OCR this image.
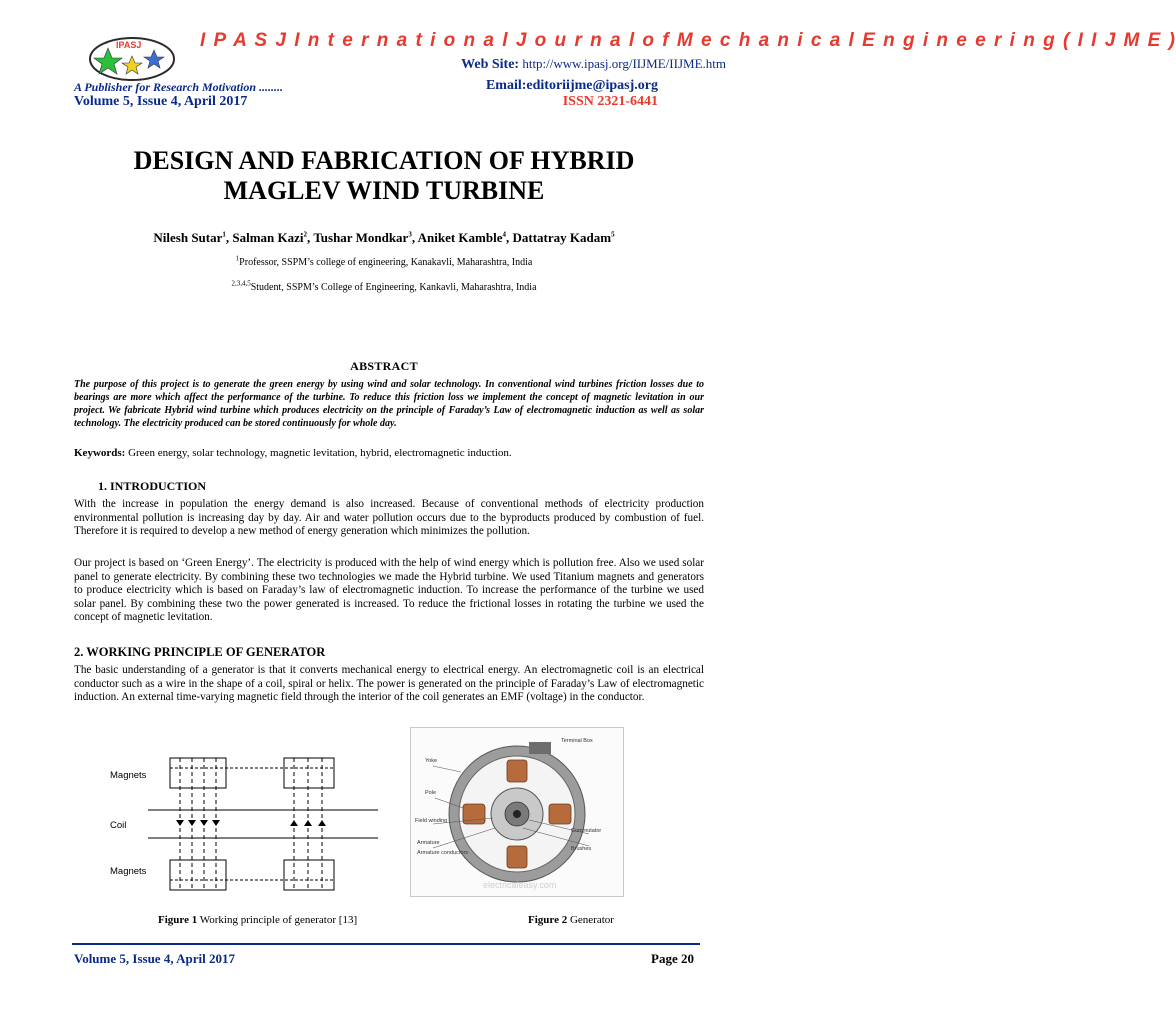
IPASJ	I P A S J I n t e r n a t i o n a l J o u r n a l o f M e c h a n i c a l E n g i n e e r i n g ( I I J M E )
Web Site: http://www.ipasj.org/IIJME/IIJME.htm
A Publisher for Research Motivation ........	Email:editoriijme@ipasj.org
Volume 5, Issue 4, April 2017	ISSN 2321-6441
DESIGN AND FABRICATION OF HYBRID
MAGLEV WIND TURBINE
Nilesh Sutar$^1$, Salman Kazi$^2$, Tushar Mondkar$^3$, Aniket Kamble$^4$, Dattatray Kadam$^5$
$^1$Professor, SSPM’s college of engineering, Kanakavli, Maharashtra, India
$^{2,3,4,5}$Student, SSPM’s College of Engineering, Kankavli, Maharashtra, India
ABSTRACT
The purpose of this project is to generate the green energy by using wind and solar technology. In conventional wind turbines friction losses due to bearings are more which affect the performance of the turbine. To reduce this friction loss we implement the concept of magnetic levitation in our project. We fabricate Hybrid wind turbine which produces electricity on the principle of Faraday’s Law of electromagnetic induction as well as solar technology. The electricity produced can be stored continuously for whole day.
Keywords: Green energy, solar technology, magnetic levitation, hybrid, electromagnetic induction.
1. INTRODUCTION
With the increase in population the energy demand is also increased. Because of conventional methods of electricity production environmental pollution is increasing day by day. Air and water pollution occurs due to the byproducts produced by combustion of fuel. Therefore it is required to develop a new method of energy generation which minimizes the pollution.
Our project is based on ‘Green Energy’. The electricity is produced with the help of wind energy which is pollution free. Also we used solar panel to generate electricity. By combining these two technologies we made the Hybrid turbine. We used Titanium magnets and generators to produce electricity which is based on Faraday’s law of electromagnetic induction. To increase the performance of the turbine we used solar panel. By combining these two the power generated is increased. To reduce the frictional losses in rotating the turbine we used the concept of magnetic levitation.
2. WORKING PRINCIPLE OF GENERATOR
The basic understanding of a generator is that it converts mechanical energy to electrical energy. An electromagnetic coil is an electrical conductor such as a wire in the shape of a coil, spiral or helix. The power is generated on the principle of Faraday’s Law of electromagnetic induction. An external time-varying magnetic field through the interior of the coil generates an EMF (voltage) in the conductor.
Magnets
Coil
Magnets
Yoke
Terminal Box
Pole
Field winding
Armature
Armature conductors
Commutator
Brushes
electricaleasy.com
Figure 1 Working principle of generator [13]	Figure 2 Generator
Volume 5, Issue 4, April 2017	Page 20
